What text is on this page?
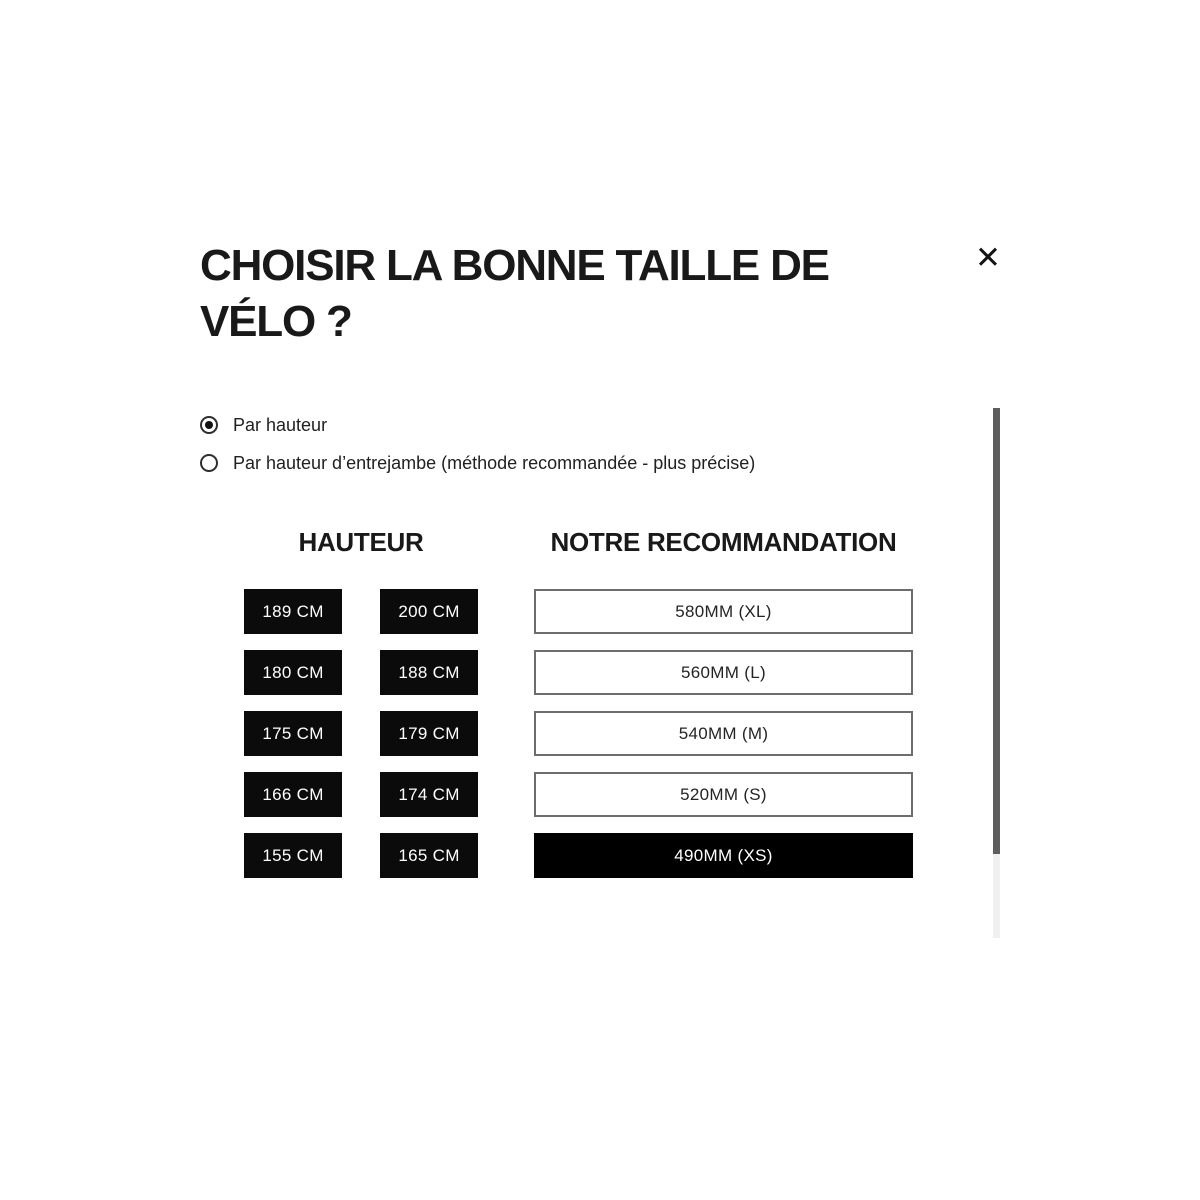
CHOISIR LA BONNE TAILLE DE VÉLO ?
✕
Par hauteur
Par hauteur d’entrejambe (méthode recommandée - plus précise)
HAUTEUR	NOTRE RECOMMANDATION
189 CM	200 CM	580MM (XL)
180 CM	188 CM	560MM (L)
175 CM	179 CM	540MM (M)
166 CM	174 CM	520MM (S)
155 CM	165 CM	490MM (XS)
